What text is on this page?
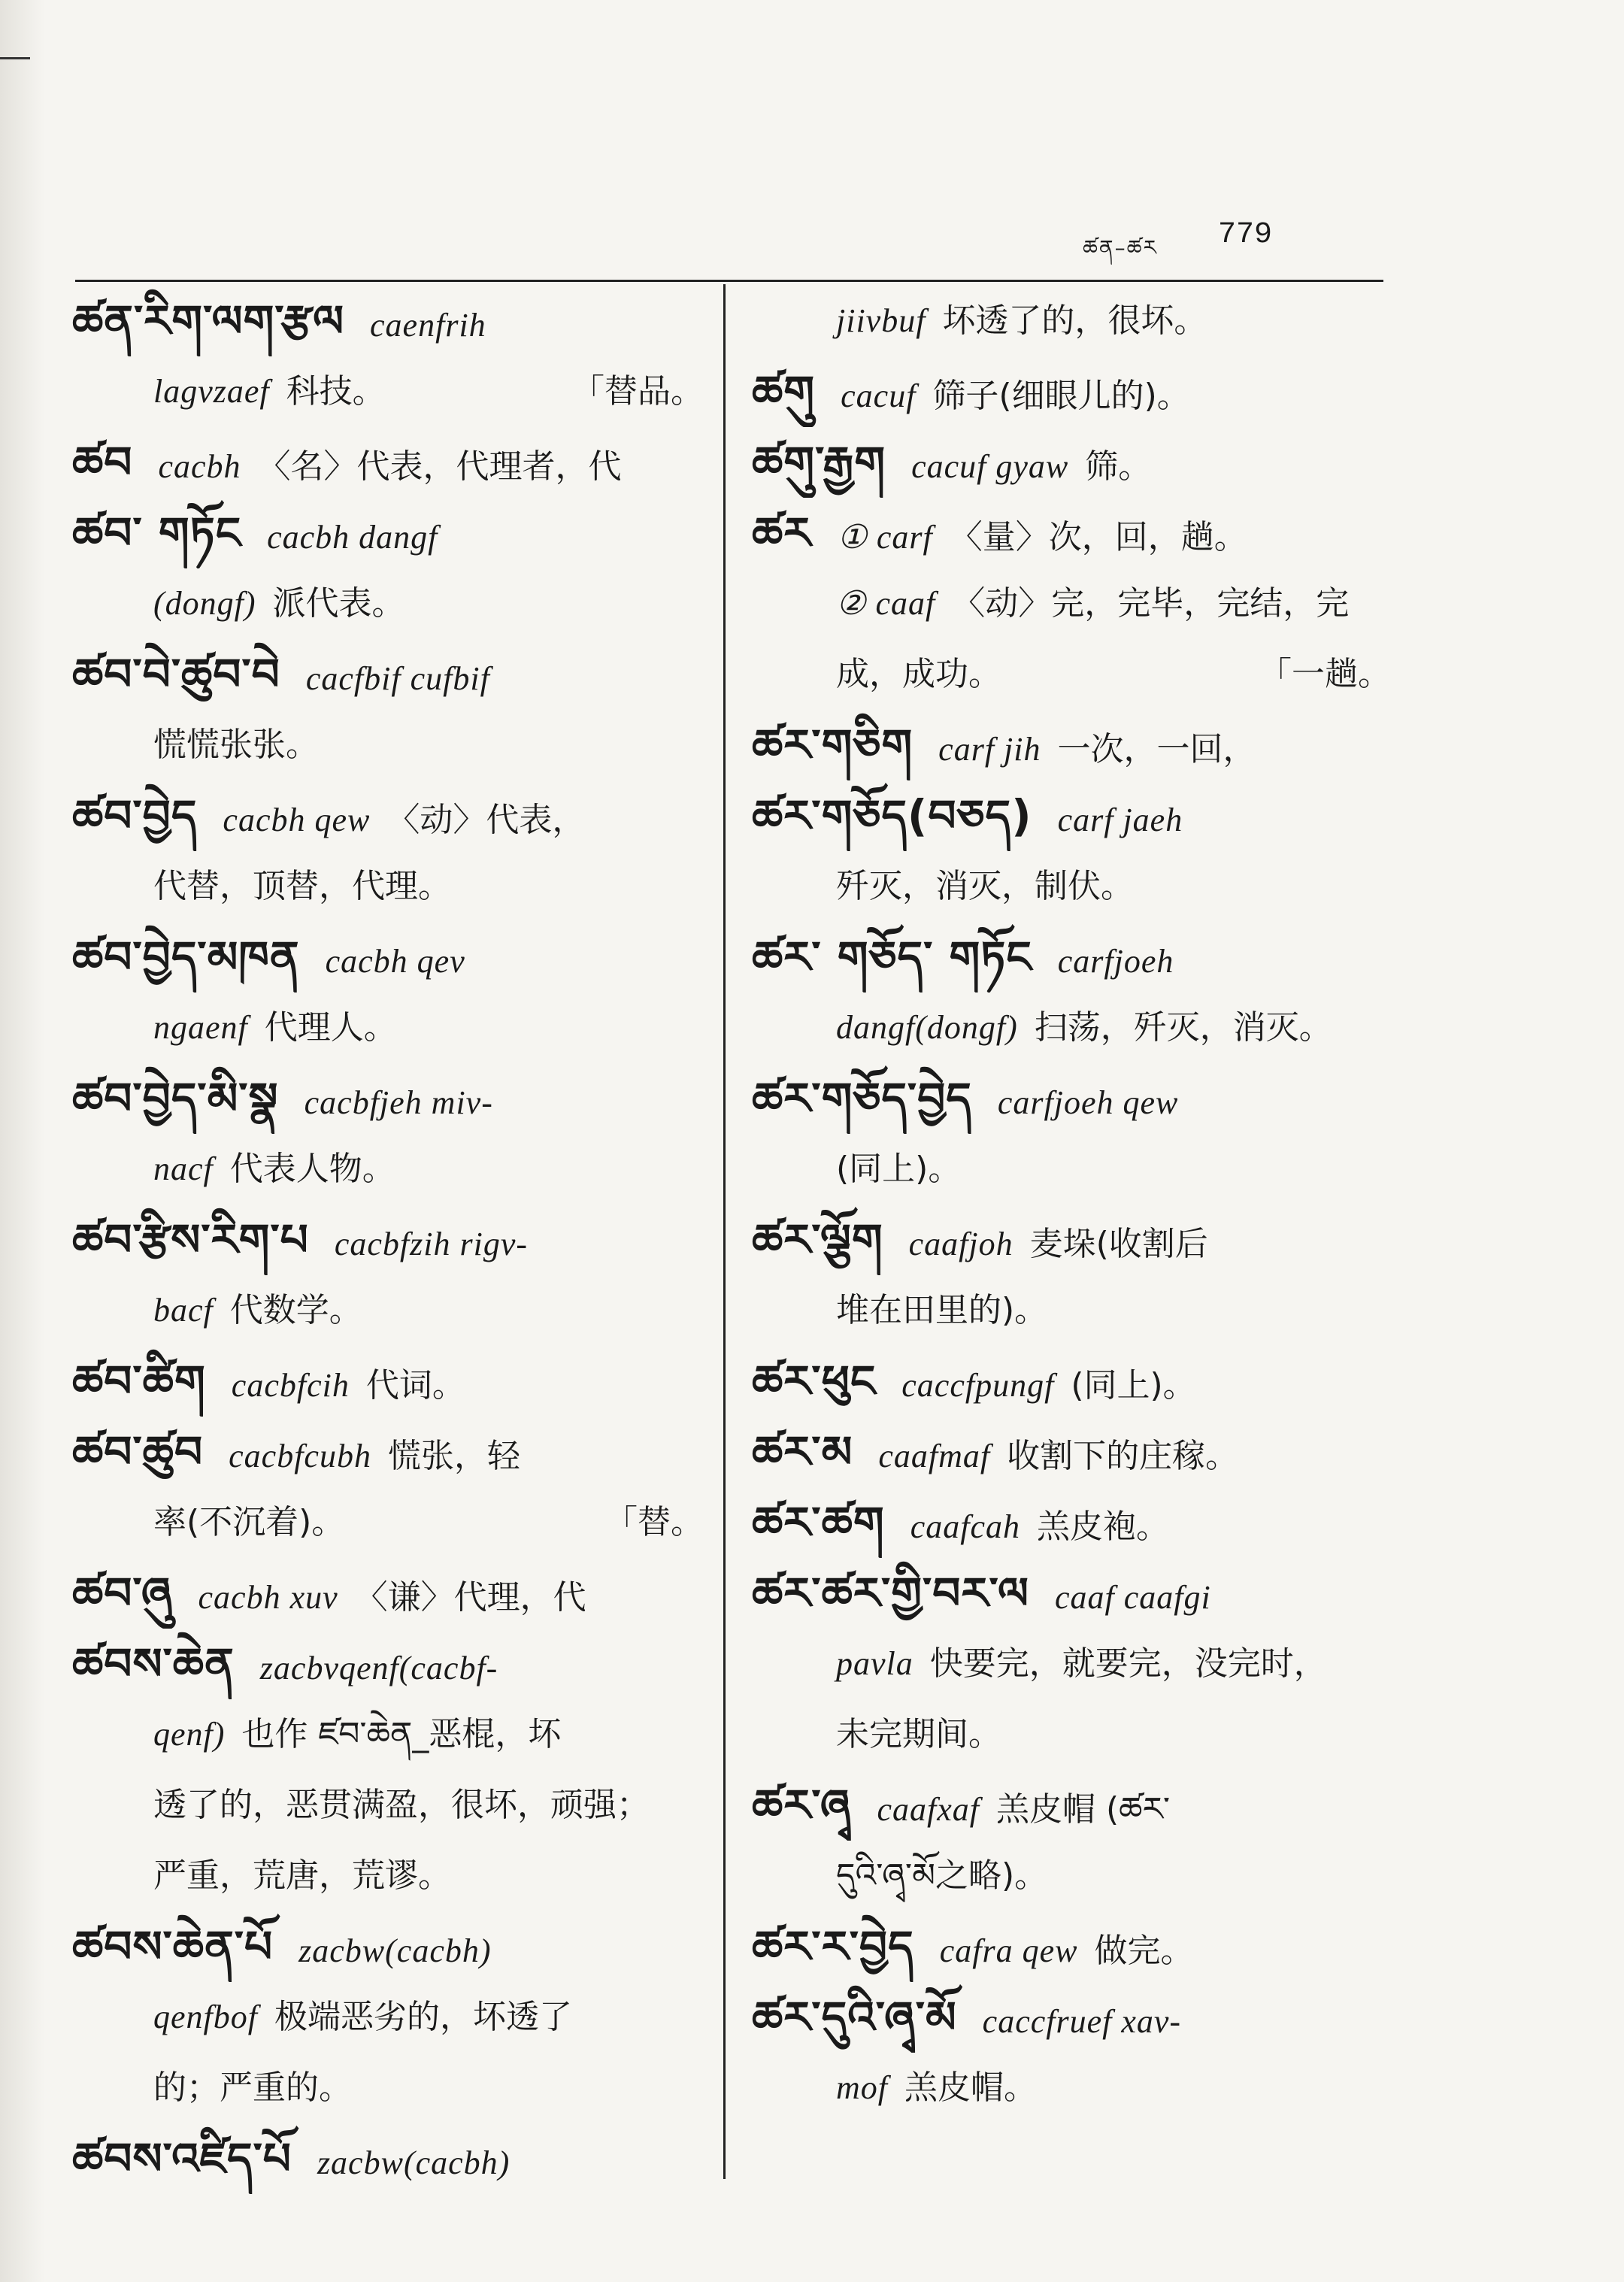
ཚན–ཚར 779
ཚན་རིག་ལག་རྩལ caenfrih
lagvzaef 科技。	「替品。
ཚབ cacbh 〈名〉代表，代理者，代
ཚབ་ གཏོང cacbh dangf
(dongf) 派代表。
ཚབ་བེ་ཚུབ་བེ cacfbif cufbif
慌慌张张。
ཚབ་བྱེད cacbh qew 〈动〉代表，
代替，顶替，代理。
ཚབ་བྱེད་མཁན cacbh qev
ngaenf 代理人。
ཚབ་བྱེད་མི་སྣ cacbfjeh miv-
nacf 代表人物。
ཚབ་རྩིས་རིག་པ cacbfzih rigv-
bacf 代数学。
ཚབ་ཚིག cacbfcih 代词。
ཚབ་ཚུབ cacbfcubh 慌张，轻
率(不沉着)。	「替。
ཚབ་ཞུ cacbh xuv 〈谦〉代理，代
ཚབས་ཆེན zacbvqenf(cacbf-
qenf) 也作 ཛབ་ཆེན_恶棍，坏
透了的，恶贯满盈，很坏，顽强；
严重，荒唐，荒谬。
ཚབས་ཆེན་པོ zacbw(cacbh)
qenfbof 极端恶劣的，坏透了
的；严重的。
ཚབས་འཛིད་པོ zacbw(cacbh)
jiivbuf 坏透了的，很坏。
ཚགུ cacuf 筛子(细眼儿的)。
ཚགུ་རྒྱག cacuf gyaw 筛。
ཚར ① carf 〈量〉次，回，趟。
② caaf 〈动〉完，完毕，完结，完
成，成功。	「一趟。
ཚར་གཅིག carf jih 一次，一回，
ཚར་གཅོད(བཅད) carf jaeh
歼灭，消灭，制伏。
ཚར་ གཅོད་ གཏོང carfjoeh
dangf(dongf) 扫荡，歼灭，消灭。
ཚར་གཅོད་བྱེད carfjoeh qew
(同上)。
ཚར་ལྕོག caafjoh 麦垛(收割后
堆在田里的)。
ཚར་ཕུང caccfpungf (同上)。
ཚར་མ caafmaf 收割下的庄稼。
ཚར་ཚག caafcah 羔皮袍。
ཚར་ཚར་གྱི་བར་ལ caaf caafgi
pavla 快要完，就要完，没完时，
未完期间。
ཚར་ཞྭ caafxaf 羔皮帽 (ཚར་
དུའི་ཞྭ་མོ之略)。
ཚར་ར་བྱེད cafra qew 做完。
ཚར་དུའི་ཞྭ་མོ caccfruef xav-
mof 羔皮帽。
